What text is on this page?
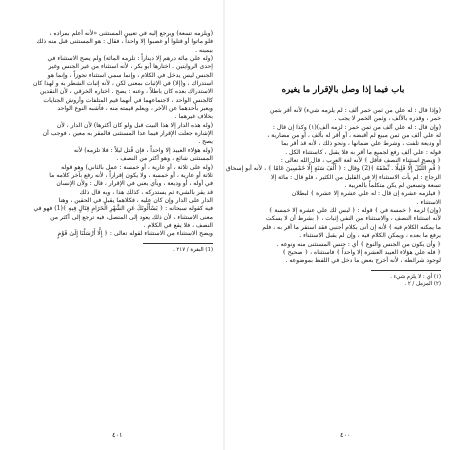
(ويلزمه تسعة) ويرجع إليه في تعيين المستثنى «لأنه أعلم بمراده ،
فلو ماتوا أو قتلوا أو غصبوا إلا واحداً ، فقال : هو المستثنى قبل منه ذلك
بيمينه .
(وله علي مائة درهم إلا ديناراً : تلزمه المائة) ولم يصح الاستثناء في
إحدى الروايتين . اختارها أبو بكر ، لأنه استثناء من غير الجنس وغير
الجنس ليس يدخل في الكلام ، وإنما سمي استثناء تجوزاً ، وإنما هو
استدراك ، و(إلا) في الإثبات بمعنى لكن ، لأنه إثبات الشطر به و لهذا كان
الاستدراك بعده كان باطلاً ، وعنه : يصح . اختاره الخرقي ، لأن النقدين
كالجنس الواحد ، لاجتماعهما في أنهما قيم المتلفات وأروش الجنايات
ويعبر بأحدهما عن الآخر ، ويعلم قيمته منه ، فأشبه النوع الواحد
بخلاف غيرهما .
(وله هذه الدار إلا هذا البيت قبل ولو كان أكثرها) لأن الدار ، لأن
الإشارة جعلت الإقرار فيما عدا المستثنى فالمقر به معين ، فوجب أن
يصح .
(وله هؤلاء العبيد إلا واحداً ، فإن قُتل ليلاً : فلا تلزمه) لأنه
المستثنى شائع ، وهو أكثر من النصف .
(وله على ثلاثة ، أو عارية ، أو خمسة : عمل بالثاني) وهو قوله
ثلاثة أو عارية ، أو خمسة ، ولا يكون إقراراً ، لأنه رفع بآخر كلامه ما
في أوله ، أو وديعة ، وبأي يعني في الإقرار ، قال : ولأن الإنسان
قد يقر بالشيء ثم يستدركه ، كذلك هذا ، وبه قال ذلك
الدار على الدار وإن كان عليه ، فكلاهما يقبل في الحقين ، وهنا
فيه كقوله سبحانه : ﴿ يَسْأَلُونَكَ عَنِ الشَّهْرِ الْحَرَامِ قِتَالٍ فِيهِ ﴾(1) فهو في
معنى الاستثناء ، لأن ذلك يعود إلى المتصل، فيه ترجع إلى أكثر من
النصف ، فلا يقع في الكلام .
ويصح الاستثناء من الاستثناء لقوله تعالى : ﴿ إِلَّا أَرْسَلْنَا إِلَىٰ قَوْمٍ
(1) البقرة / ٢١٧ .
باب فيما إذا وصل بالإقرار ما يغيره
(وإذا قال : له علي من ثمن خمر ألف : لم يلزمه شيء) لأنه أقر بثمن
خمر ، وقدره بالألف ، وثمن الخمر لا يجب .
(وإن قال : له علي ألف من ثمن خمر : لزمه ألف)(١) وكذا إن قال :
له علي ألف من ثمن مبيع لم أقبضه ، أو أقر له بألف ، أو من مضاربة ،
أو وديعة تلفت ، وشرط علي ضمانها ، ونحو ذلك ، لأنه قد أقر بما
قوله : علي ألف رفع لجميع ما أقر به فلا يقبل ، كاستثناء الكل .
﴿ وَيصح استثناء النصف فأقل ﴾ لأنه لغة العرب ، قال الله تعالى :
﴿ قُمِ اللَّيْلَ إِلَّا قَلِيلًا . نِّصْفَهُ ﴾(2) وقال : ﴿ أَلْفَ سَنَةٍ إِلَّا خَمْسِينَ عَامًا ﴾ ، لأنه أبو إسحاق
الزجاج : لم يأت الاستثناء إلا في القليل من الكثير ، فلو قال : مائة إلا
تسعة وتسعين لم يكن متكلماً بالعربية .
﴿ فيلزمه عشرة إن قال : له علي عشرة إلا عشرة ﴾ لبطلان
الاستثناء .
(وإن) لزمه ﴿ خمسة في ﴾ قوله : ﴿ ليس لك علي عشرة إلا خمسة ﴾
لأنه استثناء النصف ، والاستثناء من النفي إثبات ، ﴿ بشرط أن لا يسكت
ما يمكنه الكلام فيه ﴾ لأنه إن أتى بكلام أجنبي فقد استقر ما أقر به ، فلم
يرفع ما بعده ، ويمكن الكلام فيه ، وإن لم يقبل الاستثناء .
﴿ وأن يكون من الجنس والنوع ﴾ أي : جنس المستثنى منه ونوعه .
﴿ فله علي هؤلاء العبيد العشرة إلا واحداً ﴾ فاستثناه ، ﴿ صحيح ﴾
لوجود شرائطه ، لأنه أخرج بعض ما دخل في اللفظ بموضوعه .
(١) أي : لا يلزم شيء .
(٢) المزمل / ٢ .
٤٠١	٤٠٠
